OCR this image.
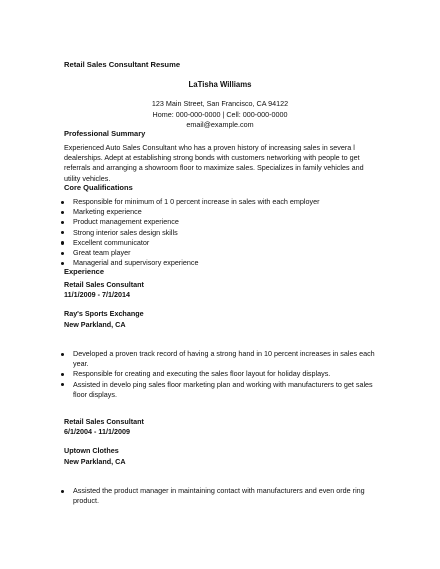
Retail Sales Consultant Resume
LaTisha Williams
123 Main Street, San Francisco, CA 94122
Home: 000-000-0000 | Cell: 000-000-0000
email@example.com
Professional Summary
Experienced Auto Sales Consultant who has a proven history of increasing sales in severa l dealerships. Adept at establishing strong bonds with customers networking with people to get referrals and arranging a showroom floor to maximize sales. Specializes in family vehicles and utility vehicles.
Core Qualifications
Responsible for minimum of 1 0 percent increase in sales with each employer
Marketing experience
Product management experience
Strong interior sales design skills
Excellent communicator
Great team player
Managerial and supervisory experience
Experience
Retail Sales Consultant
11/1/2009 - 7/1/2014
Ray's Sports Exchange
New Parkland, CA
Developed a proven track record of having a strong hand in 10 percent increases in sales each year.
Responsible for creating and executing the sales floor layout for holiday displays.
Assisted in develo ping sales floor marketing plan and working with manufacturers to get sales floor displays.
Retail Sales Consultant
6/1/2004 - 11/1/2009
Uptown Clothes
New Parkland, CA
Assisted the product manager in maintaining contact with manufacturers and even orde ring product.
